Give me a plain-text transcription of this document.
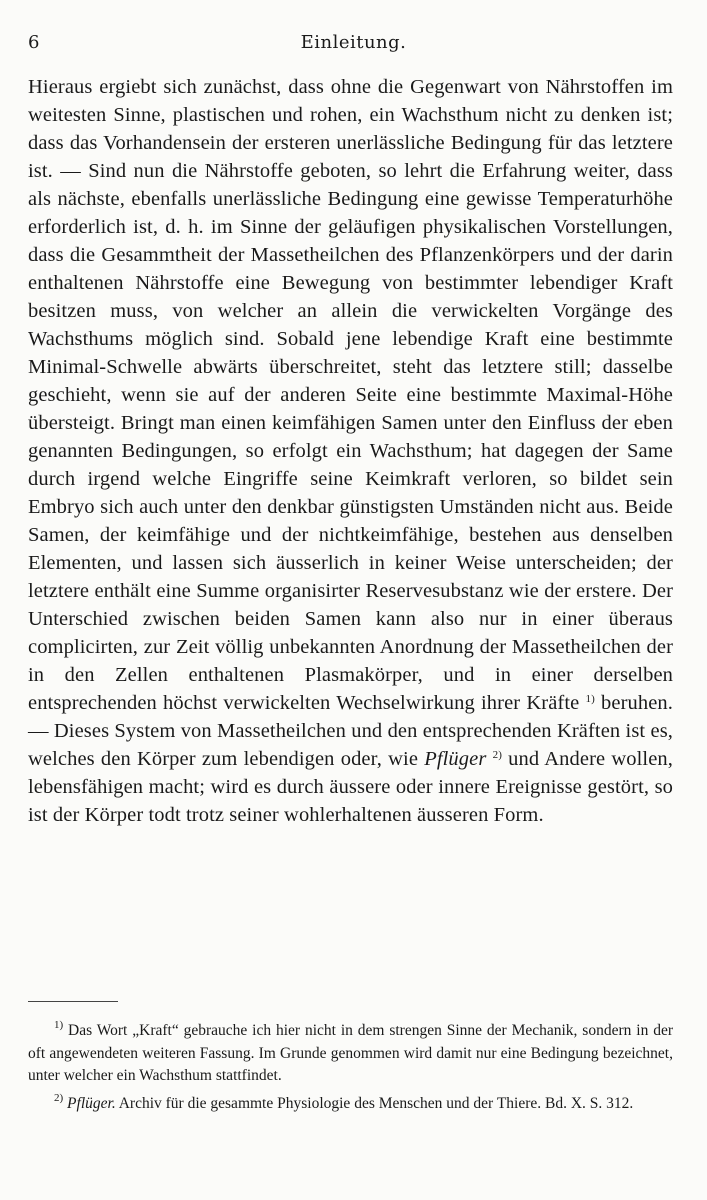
6	Einleitung.

Hieraus ergiebt sich zunächst, dass ohne die Gegenwart von Nährstoffen im weitesten Sinne, plastischen und rohen, ein Wachsthum nicht zu denken ist; dass das Vorhandensein der ersteren unerlässliche Bedingung für das letztere ist. — Sind nun die Nährstoffe geboten, so lehrt die Erfahrung weiter, dass als nächste, ebenfalls unerlässliche Bedingung eine gewisse Temperaturhöhe erforderlich ist, d. h. im Sinne der geläufigen physikalischen Vorstellungen, dass die Gesammtheit der Massetheilchen des Pflanzenkörpers und der darin enthaltenen Nährstoffe eine Bewegung von bestimmter lebendiger Kraft besitzen muss, von welcher an allein die verwickelten Vorgänge des Wachsthums möglich sind. Sobald jene lebendige Kraft eine bestimmte Minimal-Schwelle abwärts überschreitet, steht das letztere still; dasselbe geschieht, wenn sie auf der anderen Seite eine bestimmte Maximal-Höhe übersteigt. Bringt man einen keimfähigen Samen unter den Einfluss der eben genannten Bedingungen, so erfolgt ein Wachsthum; hat dagegen der Same durch irgend welche Eingriffe seine Keimkraft verloren, so bildet sein Embryo sich auch unter den denkbar günstigsten Umständen nicht aus. Beide Samen, der keimfähige und der nichtkeimfähige, bestehen aus denselben Elementen, und lassen sich äusserlich in keiner Weise unterscheiden; der letztere enthält eine Summe organisirter Reservesubstanz wie der erstere. Der Unterschied zwischen beiden Samen kann also nur in einer überaus complicirten, zur Zeit völlig unbekannten Anordnung der Massetheilchen der in den Zellen enthaltenen Plasmakörper, und in einer derselben entsprechenden höchst verwickelten Wechselwirkung ihrer Kräfte $^{1)}$ beruhen. — Dieses System von Massetheilchen und den entsprechenden Kräften ist es, welches den Körper zum lebendigen oder, wie Pflüger $^{2)}$ und Andere wollen, lebensfähigen macht; wird es durch äussere oder innere Ereignisse gestört, so ist der Körper todt trotz seiner wohlerhaltenen äusseren Form.

$^{1)}$ Das Wort „Kraft“ gebrauche ich hier nicht in dem strengen Sinne der Mechanik, sondern in der oft angewendeten weiteren Fassung. Im Grunde genommen wird damit nur eine Bedingung bezeichnet, unter welcher ein Wachsthum stattfindet.

$^{2)}$ Pflüger. Archiv für die gesammte Physiologie des Menschen und der Thiere. Bd. X. S. 312.
